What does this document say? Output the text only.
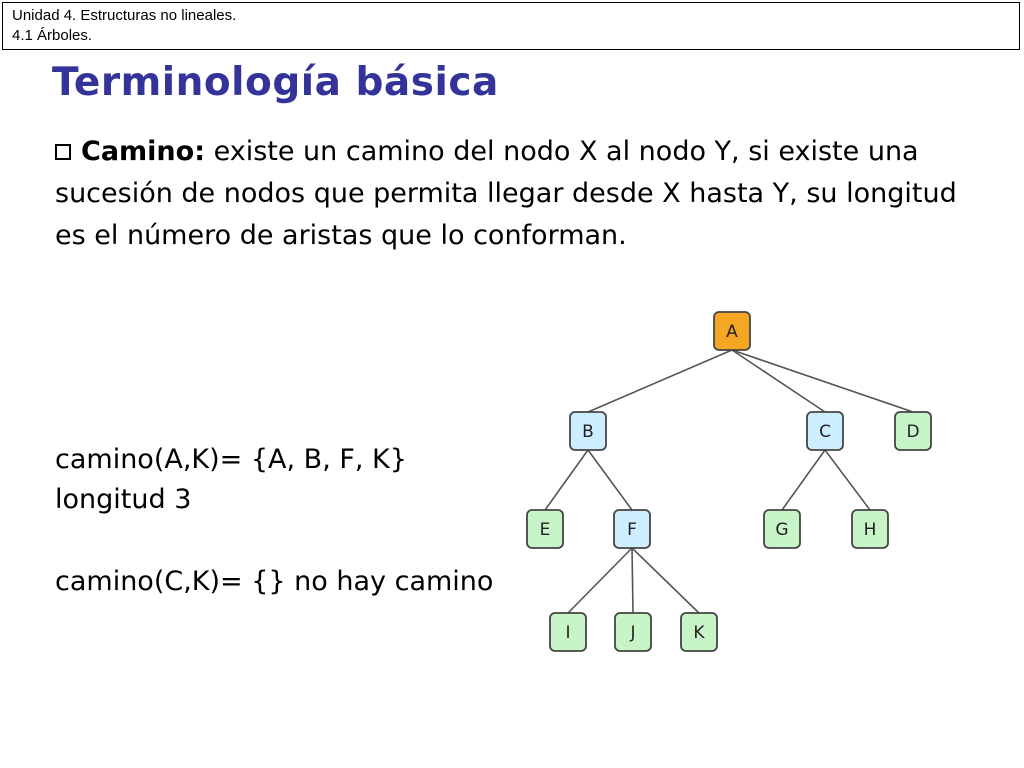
Unidad 4. Estructuras no lineales.
4.1 Árboles.
Terminología básica
Camino: existe un camino del nodo X al nodo Y, si existe una sucesión de nodos que permita llegar desde X hasta Y, su longitud es el número de aristas que lo conforman.
camino(A,K)= {A, B, F, K}
longitud 3
camino(C,K)= {} no hay camino
A
B	C	D
E	F	G	H
I	J	K
